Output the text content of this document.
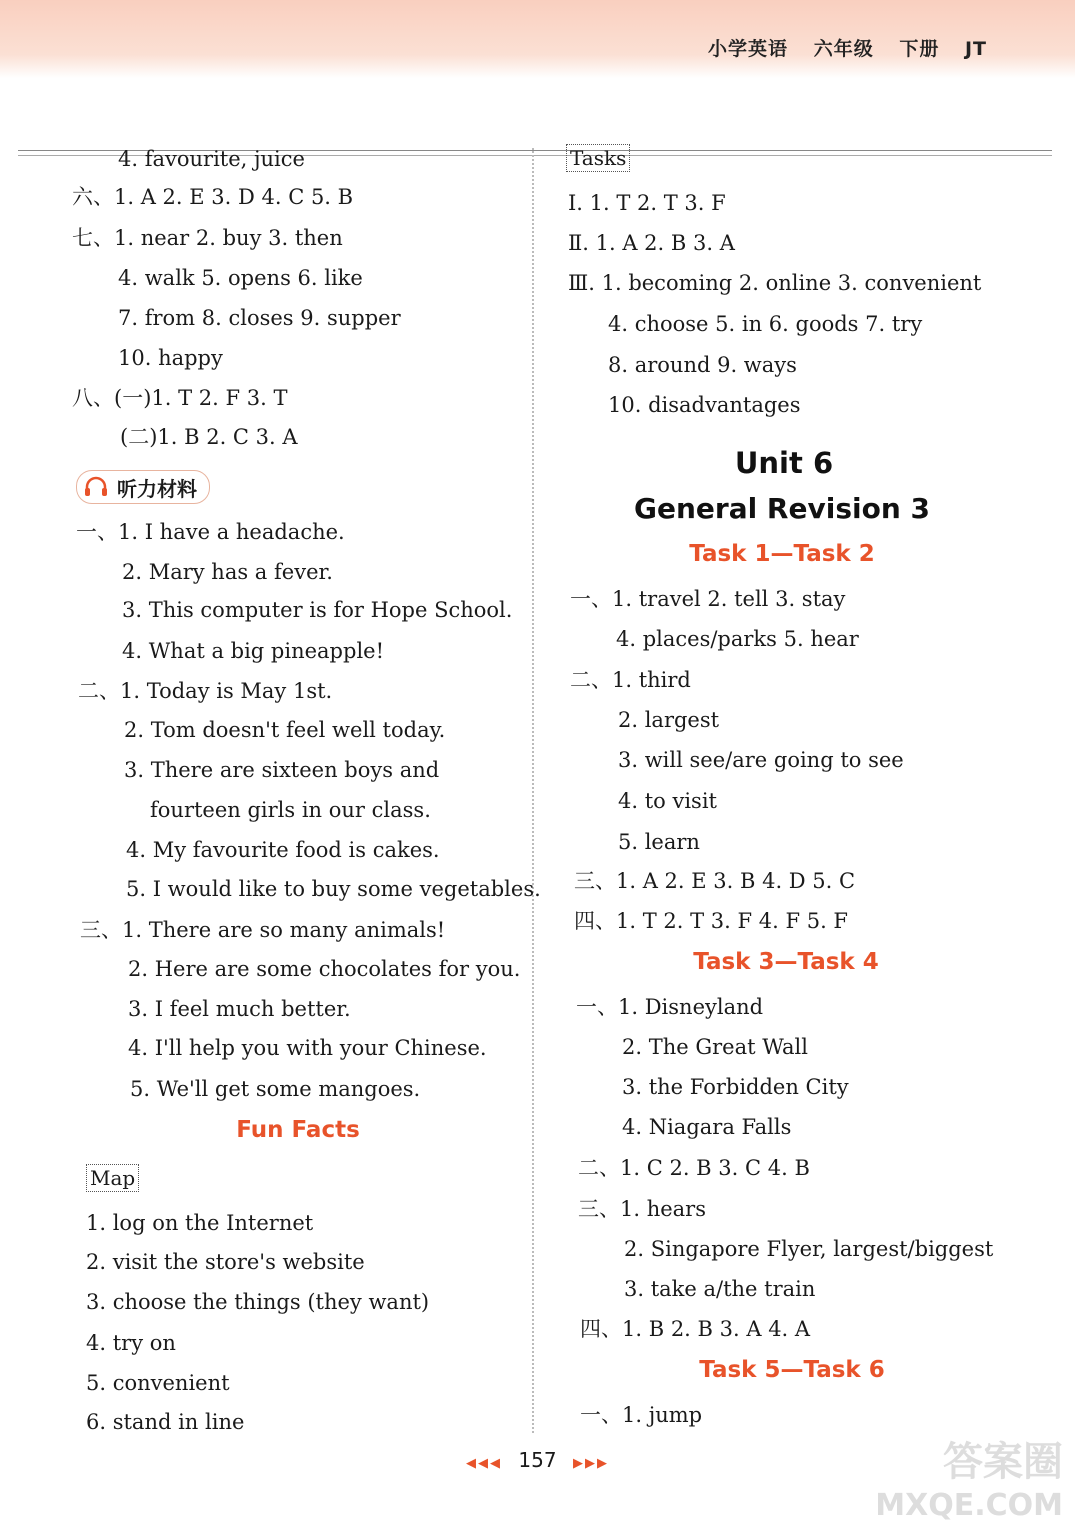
小学英语 六年级 下册 JT
4. favourite, juice
六、1. A 2. E 3. D 4. C 5. B
七、1. near 2. buy 3. then
4. walk 5. opens 6. like
7. from 8. closes 9. supper
10. happy
八、(一)1. T 2. F 3. T
(二)1. B 2. C 3. A
听力材料
一、1. I have a headache.
2. Mary has a fever.
3. This computer is for Hope School.
4. What a big pineapple!
二、1. Today is May 1st.
2. Tom doesn't feel well today.
3. There are sixteen boys and
fourteen girls in our class.
4. My favourite food is cakes.
5. I would like to buy some vegetables.
三、1. There are so many animals!
2. Here are some chocolates for you.
3. I feel much better.
4. I'll help you with your Chinese.
5. We'll get some mangoes.
Fun Facts
Map
1. log on the Internet
2. visit the store's website
3. choose the things (they want)
4. try on
5. convenient
6. stand in line
Tasks
Ⅰ. 1. T 2. T 3. F
Ⅱ. 1. A 2. B 3. A
Ⅲ. 1. becoming 2. online 3. convenient
4. choose 5. in 6. goods 7. try
8. around 9. ways
10. disadvantages
Unit 6
General Revision 3
Task 1—Task 2
一、1. travel 2. tell 3. stay
4. places/parks 5. hear
二、1. third
2. largest
3. will see/are going to see
4. to visit
5. learn
三、1. A 2. E 3. B 4. D 5. C
四、1. T 2. T 3. F 4. F 5. F
Task 3—Task 4
一、1. Disneyland
2. The Great Wall
3. the Forbidden City
4. Niagara Falls
二、1. C 2. B 3. C 4. B
三、1. hears
2. Singapore Flyer, largest/biggest
3. take a/the train
四、1. B 2. B 3. A 4. A
Task 5—Task 6
一、1. jump
◀◀◀ 157 ▶▶▶	答案圈
MXQE.COM
